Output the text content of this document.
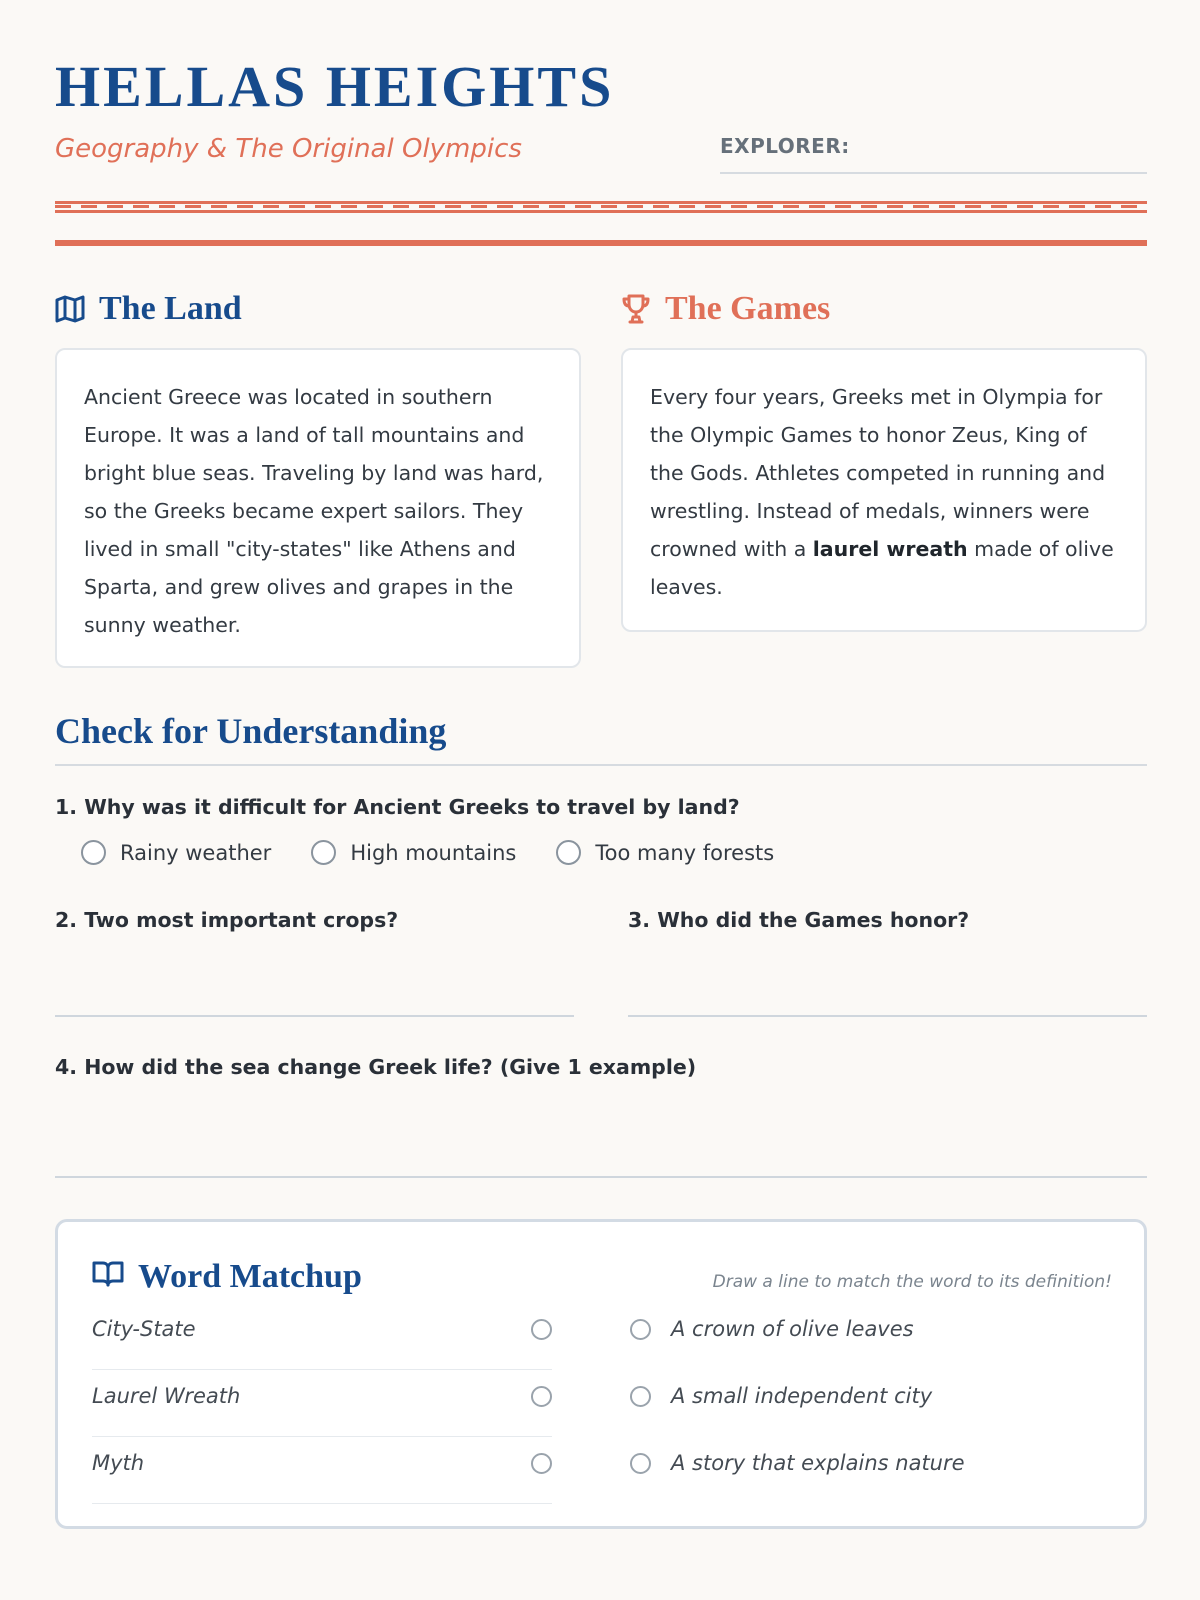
HELLAS HEIGHTS
Geography & The Original Olympics	EXPLORER:
The Land

Ancient Greece was located in southern Europe. It was a land of tall mountains and bright blue seas. Traveling by land was hard, so the Greeks became expert sailors. They lived in small "city-states" like Athens and Sparta, and grew olives and grapes in the sunny weather.

The Games

Every four years, Greeks met in Olympia for the Olympic Games to honor Zeus, King of the Gods. Athletes competed in running and wrestling. Instead of medals, winners were crowned with a laurel wreath made of olive leaves.

Check for Understanding
1. Why was it difficult for Ancient Greeks to travel by land?
Rainy weather	High mountains	Too many forests
2. Two most important crops?	3. Who did the Games honor?
4. How did the sea change Greek life? (Give 1 example)
Word Matchup	Draw a line to match the word to its definition!
City-State
Laurel Wreath
Myth
A crown of olive leaves
A small independent city
A story that explains nature
